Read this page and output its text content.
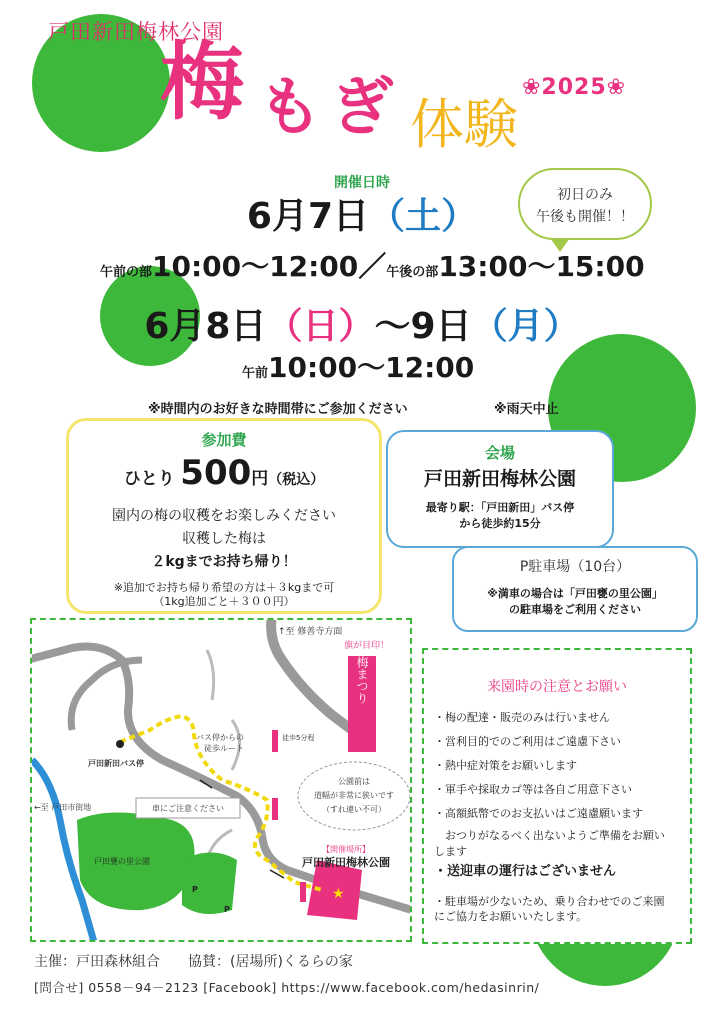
戸田新田梅林公園
梅 も ぎ 体験
❀2025❀
初日のみ
午後も開催！！
開催日時
6月7日（土）
午前の部10:00～12:00／午後の部13:00～15:00
6月8日（日）～9日（月）
午前10:00～12:00
※時間内のお好きな時間帯にご参加ください	※雨天中止
参加費
ひとり 500円（税込）
園内の梅の収穫をお楽しみください
収穫した梅は
２kgまでお持ち帰り！
※追加でお持ち帰り希望の方は＋３kgまで可
（1kg追加ごと＋３００円）
会場
戸田新田梅林公園
最寄り駅：「戸田新田」バス停
から徒歩約15分
P駐車場（10台）
※満車の場合は「戸田甕の里公園」
の駐車場をご利用ください
★
梅まつり
↑至 修善寺方面
旗が目印！
バス停からの
徒歩ルート
戸田新田バス停
←至 戸田市街地	車にご注意ください
公園前は
道幅が非常に狭いです
（すれ違い不可）
徒歩5分程
戸田甕の里公園
P
P
【開催場所】
戸田新田梅林公園
来園時の注意とお願い
・梅の配達・販売のみは行いません
・営利目的でのご利用はご遠慮下さい
・熱中症対策をお願いします
・軍手や採取カゴ等は各自ご用意下さい
・高額紙幣でのお支払いはご遠慮願います
　おつりがなるべく出ないようご準備をお願い
します
・送迎車の運行はございません
・駐車場が少ないため、乗り合わせでのご来園
にご協力をお願いいたします。
主催：戸田森林組合　　協賛：(居場所)くるらの家
[問合せ] 0558－94－2123 [Facebook] https://www.facebook.com/hedasinrin/
